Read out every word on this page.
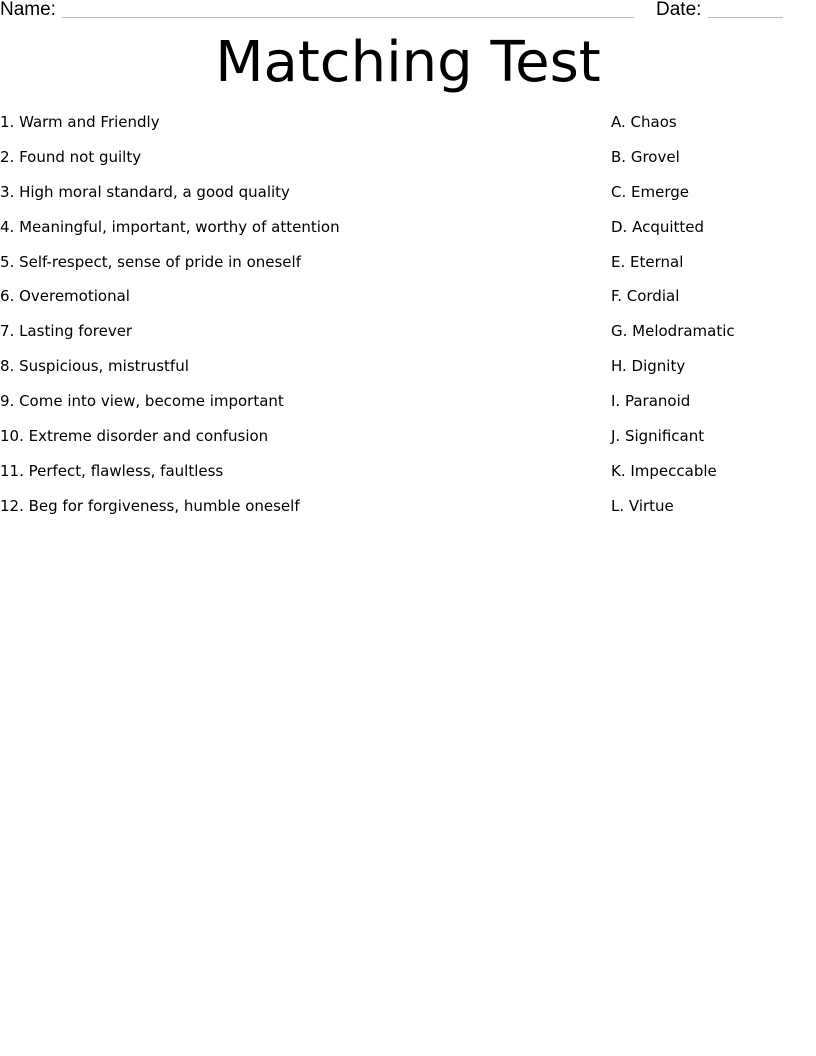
Name:	Date:
Matching Test
1. Warm and Friendly
2. Found not guilty
3. High moral standard, a good quality
4. Meaningful, important, worthy of attention
5. Self-respect, sense of pride in oneself
6. Overemotional
7. Lasting forever
8. Suspicious, mistrustful
9. Come into view, become important
10. Extreme disorder and confusion
11. Perfect, flawless, faultless
12. Beg for forgiveness, humble oneself
A. Chaos
B. Grovel
C. Emerge
D. Acquitted
E. Eternal
F. Cordial
G. Melodramatic
H. Dignity
I. Paranoid
J. Significant
K. Impeccable
L. Virtue
